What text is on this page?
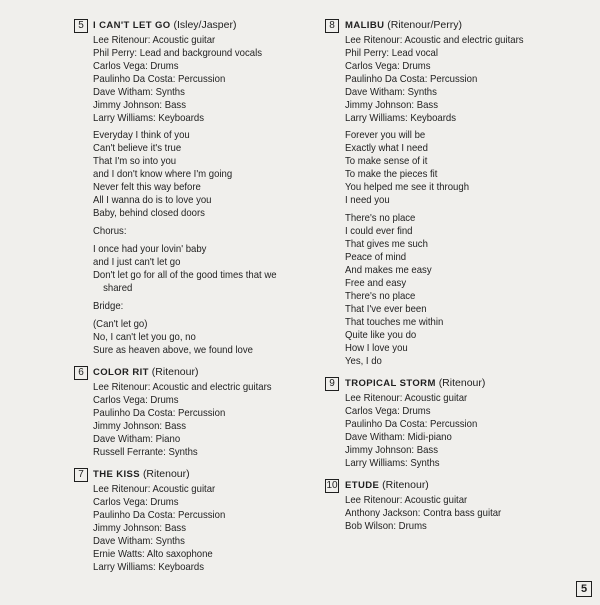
5 I CAN'T LET GO (Isley/Jasper)
Lee Ritenour: Acoustic guitar
Phil Perry: Lead and background vocals
Carlos Vega: Drums
Paulinho Da Costa: Percussion
Dave Witham: Synths
Jimmy Johnson: Bass
Larry Williams: Keyboards
Everyday I think of you
Can't believe it's true
That I'm so into you
and I don't know where I'm going
Never felt this way before
All I wanna do is to love you
Baby, behind closed doors
Chorus:
I once had your lovin' baby
and I just can't let go
Don't let go for all of the good times that we
shared
Bridge:
(Can't let go)
No, I can't let you go, no
Sure as heaven above, we found love
6 COLOR RIT (Ritenour)
Lee Ritenour: Acoustic and electric guitars
Carlos Vega: Drums
Paulinho Da Costa: Percussion
Jimmy Johnson: Bass
Dave Witham: Piano
Russell Ferrante: Synths
7 THE KISS (Ritenour)
Lee Ritenour: Acoustic guitar
Carlos Vega: Drums
Paulinho Da Costa: Percussion
Jimmy Johnson: Bass
Dave Witham: Synths
Ernie Watts: Alto saxophone
Larry Williams: Keyboards
8	MALIBU (Ritenour/Perry)
Lee Ritenour: Acoustic and electric guitars
Phil Perry: Lead vocal
Carlos Vega: Drums
Paulinho Da Costa: Percussion
Dave Witham: Synths
Jimmy Johnson: Bass
Larry Williams: Keyboards
Forever you will be
Exactly what I need
To make sense of it
To make the pieces fit
You helped me see it through
I need you
There's no place
I could ever find
That gives me such
Peace of mind
And makes me easy
Free and easy
There's no place
That I've ever been
That touches me within
Quite like you do
How I love you
Yes, I do
9	TROPICAL STORM (Ritenour)
Lee Ritenour: Acoustic guitar
Carlos Vega: Drums
Paulinho Da Costa: Percussion
Dave Witham: Midi-piano
Jimmy Johnson: Bass
Larry Williams: Synths
10 ETUDE (Ritenour)
Lee Ritenour: Acoustic guitar
Anthony Jackson: Contra bass guitar
Bob Wilson: Drums
5
